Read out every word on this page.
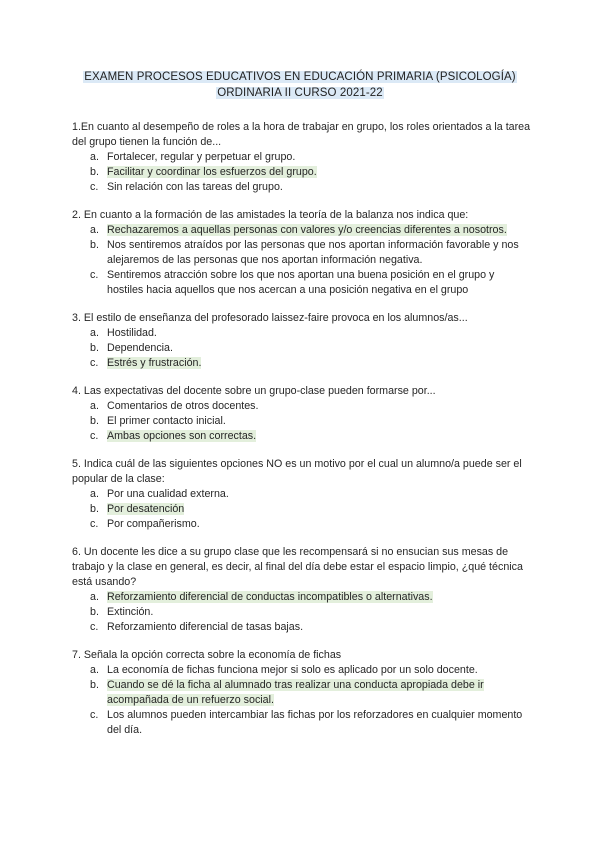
EXAMEN PROCESOS EDUCATIVOS EN EDUCACIÓN PRIMARIA (PSICOLOGÍA)
ORDINARIA II CURSO 2021-22
1.En cuanto al desempeño de roles a la hora de trabajar en grupo, los roles orientados a la tarea del grupo tienen la función de...
a. Fortalecer, regular y perpetuar el grupo.
b. Facilitar y coordinar los esfuerzos del grupo.
c. Sin relación con las tareas del grupo.
2. En cuanto a la formación de las amistades la teoría de la balanza nos indica que:
a. Rechazaremos a aquellas personas con valores y/o creencias diferentes a nosotros.
b. Nos sentiremos atraídos por las personas que nos aportan información favorable y nos alejaremos de las personas que nos aportan información negativa.
c. Sentiremos atracción sobre los que nos aportan una buena posición en el grupo y hostiles hacia aquellos que nos acercan a una posición negativa en el grupo
3. El estilo de enseñanza del profesorado laissez-faire provoca en los alumnos/as...
a. Hostilidad.
b. Dependencia.
c. Estrés y frustración.
4. Las expectativas del docente sobre un grupo-clase pueden formarse por...
a. Comentarios de otros docentes.
b. El primer contacto inicial.
c. Ambas opciones son correctas.
5. Indica cuál de las siguientes opciones NO es un motivo por el cual un alumno/a puede ser el popular de la clase:
a. Por una cualidad externa.
b. Por desatención
c. Por compañerismo.
6. Un docente les dice a su grupo clase que les recompensará si no ensucian sus mesas de trabajo y la clase en general, es decir, al final del día debe estar el espacio limpio, ¿qué técnica está usando?
a. Reforzamiento diferencial de conductas incompatibles o alternativas.
b. Extinción.
c. Reforzamiento diferencial de tasas bajas.
7. Señala la opción correcta sobre la economía de fichas
a. La economía de fichas funciona mejor si solo es aplicado por un solo docente.
b. Cuando se dé la ficha al alumnado tras realizar una conducta apropiada debe ir acompañada de un refuerzo social.
c. Los alumnos pueden intercambiar las fichas por los reforzadores en cualquier momento del día.
